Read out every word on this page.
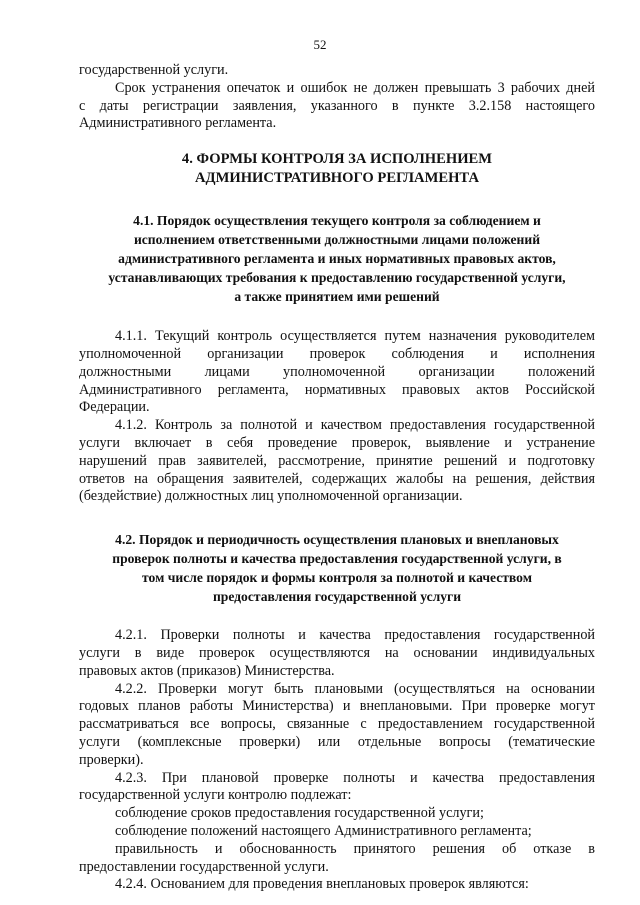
52
государственной услуги.
Срок устранения опечаток и ошибок не должен превышать 3 рабочих дней
с даты регистрации заявления, указанного в пункте 3.2.158 настоящего
Административного регламента.
4. ФОРМЫ КОНТРОЛЯ ЗА ИСПОЛНЕНИЕМ
АДМИНИСТРАТИВНОГО РЕГЛАМЕНТА
4.1. Порядок осуществления текущего контроля за соблюдением и
исполнением ответственными должностными лицами положений
административного регламента и иных нормативных правовых актов,
устанавливающих требования к предоставлению государственной услуги,
а также принятием ими решений
4.1.1. Текущий контроль осуществляется путем назначения руководителем
уполномоченной организации проверок соблюдения и исполнения
должностными лицами уполномоченной организации положений
Административного регламента, нормативных правовых актов Российской
Федерации.
4.1.2. Контроль за полнотой и качеством предоставления государственной
услуги включает в себя проведение проверок, выявление и устранение
нарушений прав заявителей, рассмотрение, принятие решений и подготовку
ответов на обращения заявителей, содержащих жалобы на решения, действия
(бездействие) должностных лиц уполномоченной организации.
4.2. Порядок и периодичность осуществления плановых и внеплановых
проверок полноты и качества предоставления государственной услуги, в
том числе порядок и формы контроля за полнотой и качеством
предоставления государственной услуги
4.2.1. Проверки полноты и качества предоставления государственной
услуги в виде проверок осуществляются на основании индивидуальных
правовых актов (приказов) Министерства.
4.2.2. Проверки могут быть плановыми (осуществляться на основании
годовых планов работы Министерства) и внеплановыми. При проверке могут
рассматриваться все вопросы, связанные с предоставлением государственной
услуги (комплексные проверки) или отдельные вопросы (тематические
проверки).
4.2.3. При плановой проверке полноты и качества предоставления
государственной услуги контролю подлежат:
соблюдение сроков предоставления государственной услуги;
соблюдение положений настоящего Административного регламента;
правильность и обоснованность принятого решения об отказе в
предоставлении государственной услуги.
4.2.4. Основанием для проведения внеплановых проверок являются:
